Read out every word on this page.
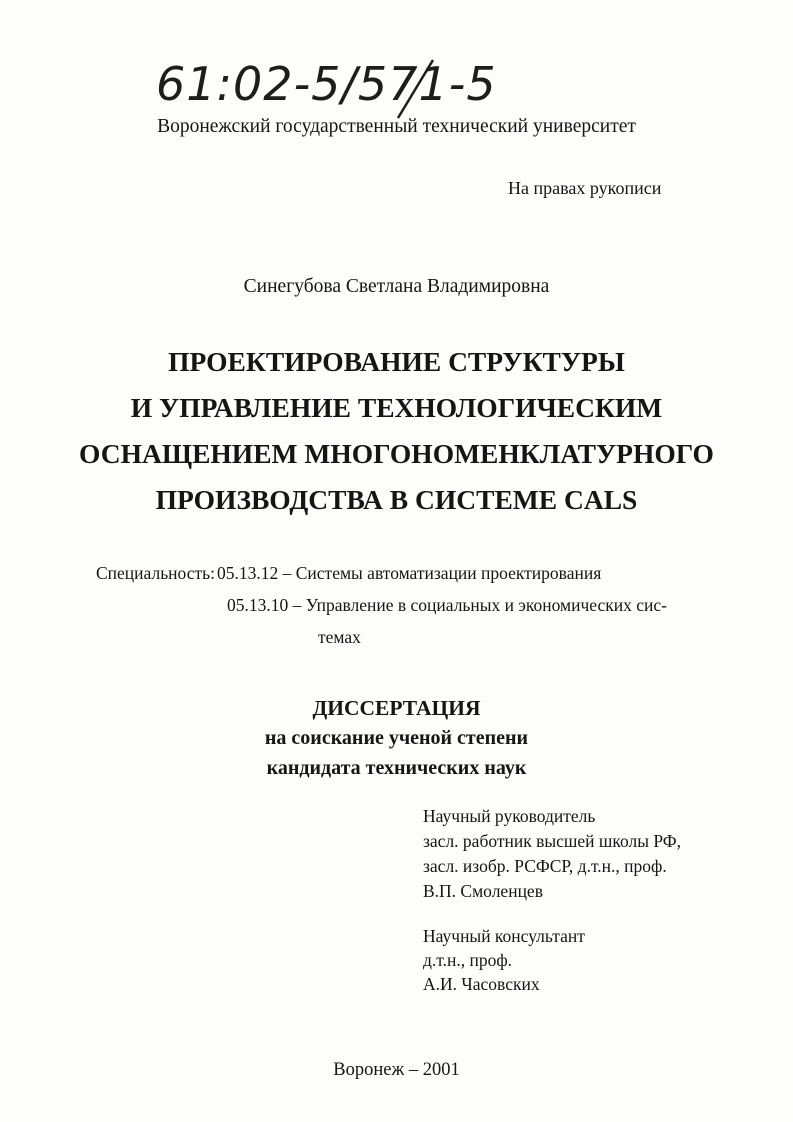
61:02-5/571-5
Воронежский государственный технический университет
На правах рукописи
Синегубова Светлана Владимировна
ПРОЕКТИРОВАНИЕ СТРУКТУРЫ
И УПРАВЛЕНИЕ ТЕХНОЛОГИЧЕСКИМ
ОСНАЩЕНИЕМ МНОГОНОМЕНКЛАТУРНОГО
ПРОИЗВОДСТВА В СИСТЕМЕ CALS
Специальность: 05.13.12 – Системы автоматизации проектирования
05.13.10 – Управление в социальных и экономических сис-
темах
ДИССЕРТАЦИЯ
на соискание ученой степени
кандидата технических наук
Научный руководитель
засл. работник высшей школы РФ,
засл. изобр. РСФСР, д.т.н., проф.
В.П. Смоленцев
Научный консультант
д.т.н., проф.
А.И. Часовских
Воронеж – 2001
